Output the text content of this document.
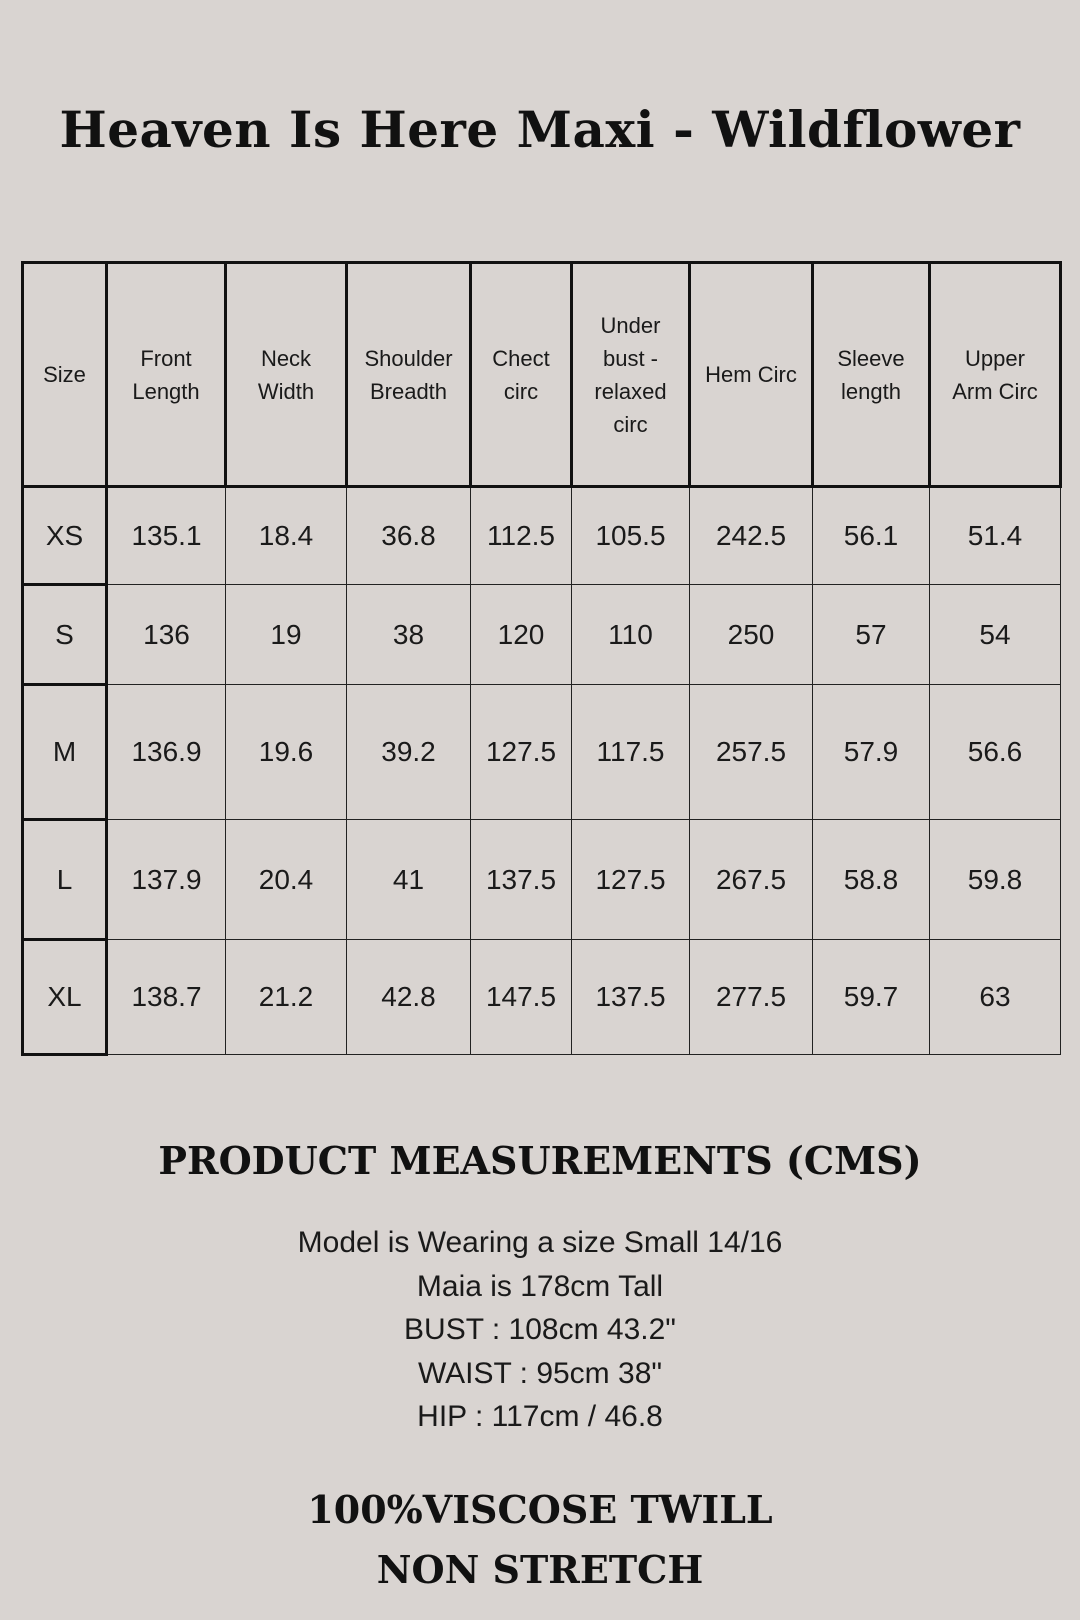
Heaven Is Here Maxi - Wildflower
Size	Front Length	Neck Width	Shoulder Breadth	Chect circ	Under bust - relaxed circ	Hem Circ	Sleeve length	Upper Arm Circ
XS	135.1	18.4	36.8	112.5	105.5	242.5	56.1	51.4
S	136	19	38	120	110	250	57	54
M	136.9	19.6	39.2	127.5	117.5	257.5	57.9	56.6
L	137.9	20.4	41	137.5	127.5	267.5	58.8	59.8
XL	138.7	21.2	42.8	147.5	137.5	277.5	59.7	63
PRODUCT MEASUREMENTS (CMS)
Model is Wearing a size Small 14/16
Maia is 178cm Tall
BUST : 108cm 43.2"
WAIST : 95cm 38"
HIP : 117cm / 46.8
100%VISCOSE TWILL
NON STRETCH
